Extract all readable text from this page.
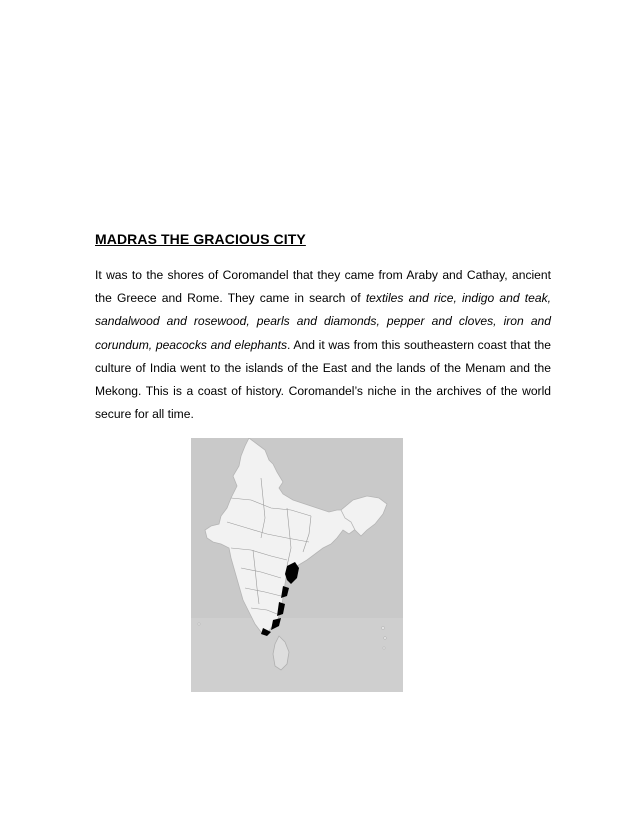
MADRAS THE GRACIOUS CITY
It was to the shores of Coromandel that they came from Araby and Cathay, ancient the Greece and Rome. They came in search of textiles and rice, indigo and teak, sandalwood and rosewood, pearls and diamonds, pepper and cloves, iron and corundum, peacocks and elephants. And it was from this southeastern coast that the culture of India went to the islands of the East and the lands of the Menam and the Mekong. This is a coast of history. Coromandel’s niche in the archives of the world secure for all time.
